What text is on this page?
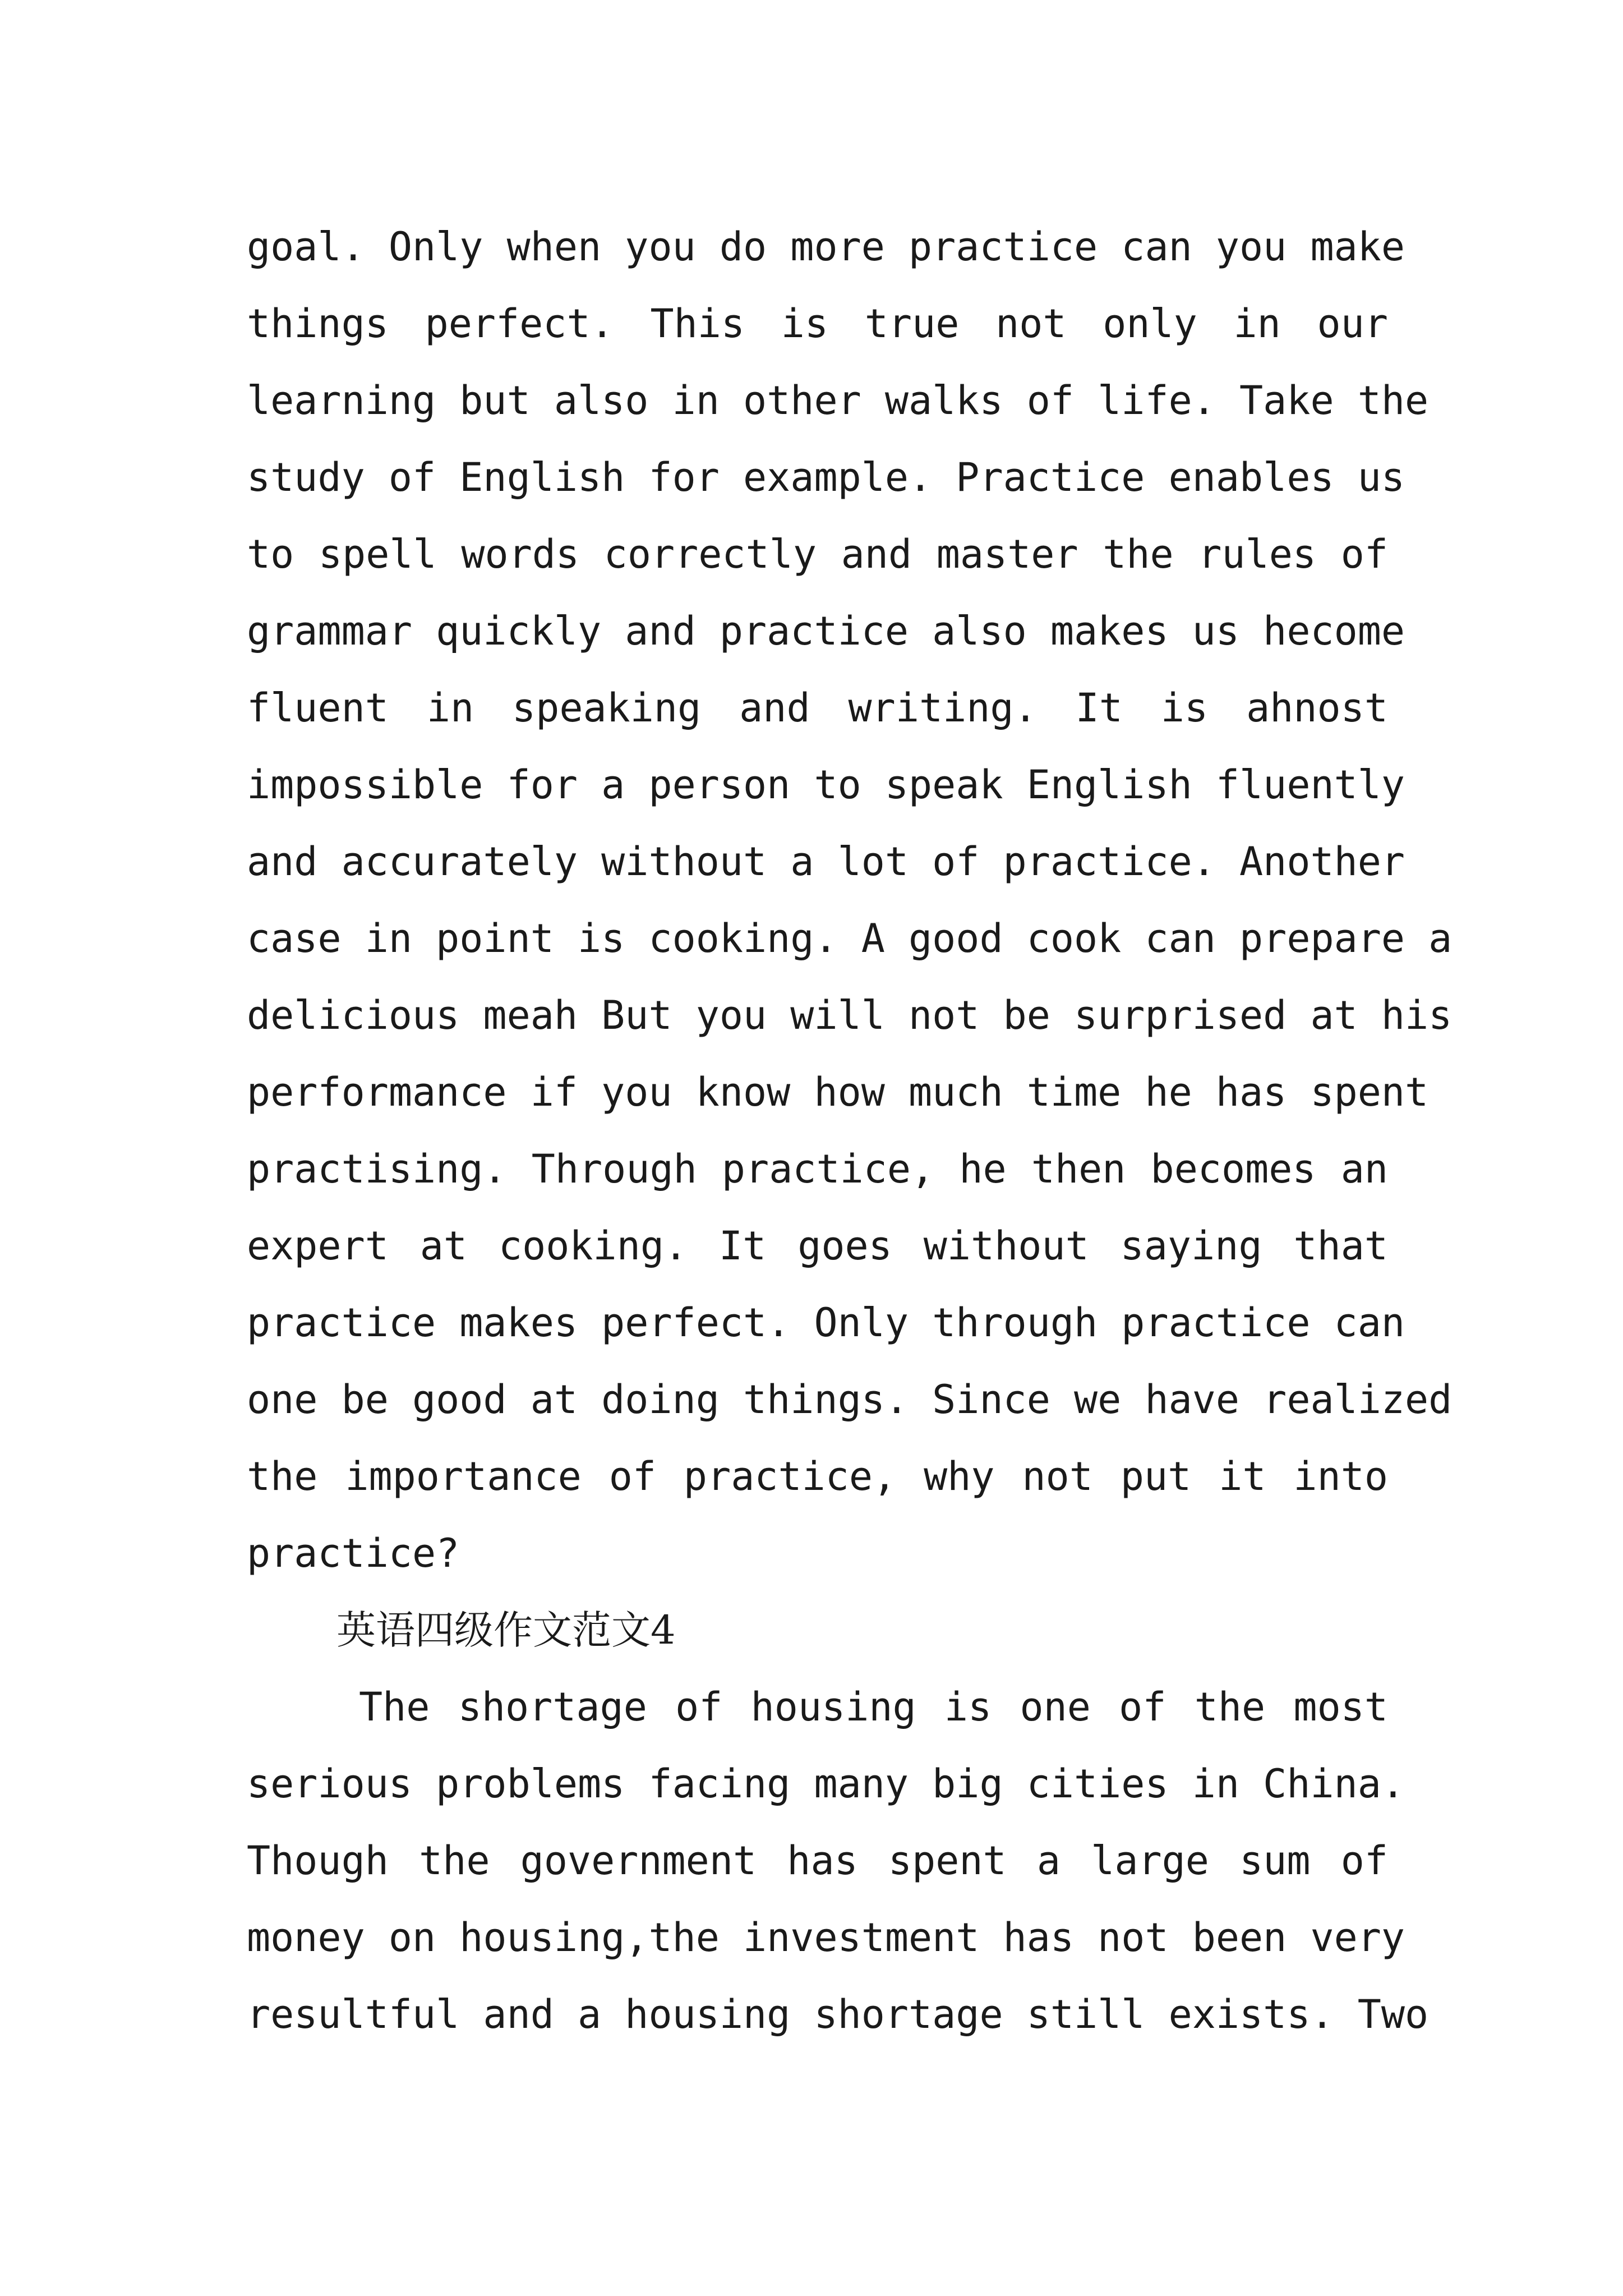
goal. Only when you do more practice can you make
things perfect. This is true not only in our
learning but also in other walks of life. Take the
study of English for example. Practice enables us
to spell words correctly and master the rules of
grammar quickly and practice also makes us hecome
fluent in speaking and writing. It is ahnost
impossible for a person to speak English fluently
and accurately without a lot of practice. Another
case in point is cooking. A good cook can prepare a
delicious meah But you will not be surprised at his
performance if you know how much time he has spent
practising. Through practice, he then becomes an
expert at cooking. It goes without saying that
practice makes perfect. Only through practice can
one be good at doing things. Since we have realized
the importance of practice, why not put it into
practice?
英语四级作文范文4
The shortage of housing is one of the most
serious problems facing many big cities in China.
Though the government has spent a large sum of
money on housing,the investment has not been very
resultful and a housing shortage still exists. Two
